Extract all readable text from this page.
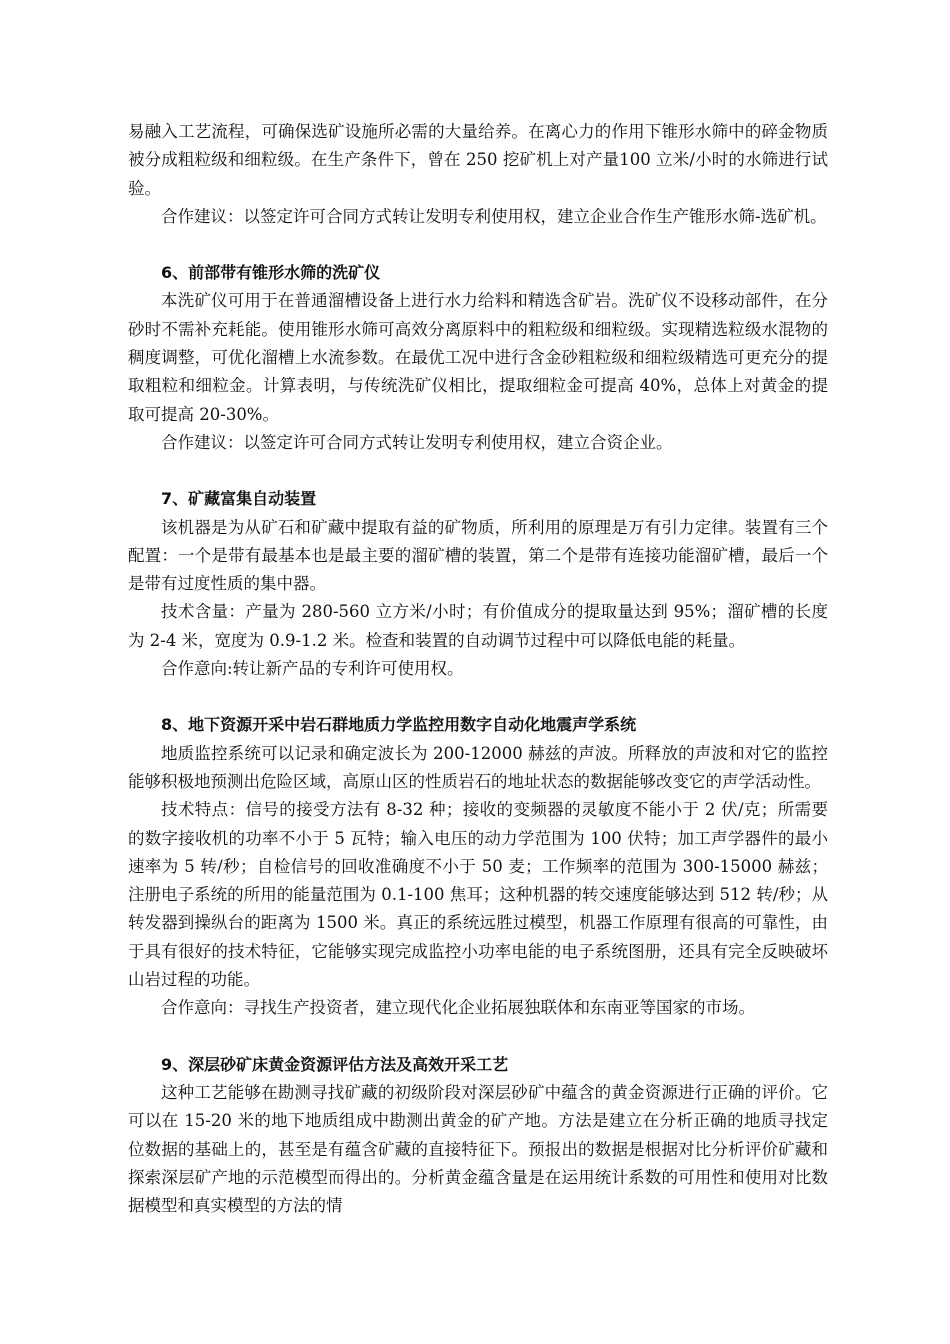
易融入工艺流程，可确保选矿设施所必需的大量给养。在离心力的作用下锥形水筛中的碎金物质被分成粗粒级和细粒级。在生产条件下，曾在 250 挖矿机上对产量100 立米/小时的水筛进行试验。

合作建议：以签定许可合同方式转让发明专利使用权，建立企业合作生产锥形水筛-选矿机。

6、前部带有锥形水筛的洗矿仪

本洗矿仪可用于在普通溜槽设备上进行水力给料和精选含矿岩。洗矿仪不设移动部件，在分砂时不需补充耗能。使用锥形水筛可高效分离原料中的粗粒级和细粒级。实现精选粒级水混物的稠度调整，可优化溜槽上水流参数。在最优工况中进行含金砂粗粒级和细粒级精选可更充分的提取粗粒和细粒金。计算表明，与传统洗矿仪相比，提取细粒金可提高 40%，总体上对黄金的提取可提高 20-30%。

合作建议：以签定许可合同方式转让发明专利使用权，建立合资企业。

7、矿藏富集自动装置

该机器是为从矿石和矿藏中提取有益的矿物质，所利用的原理是万有引力定律。装置有三个配置：一个是带有最基本也是最主要的溜矿槽的装置，第二个是带有连接功能溜矿槽，最后一个是带有过度性质的集中器。

技术含量：产量为 280-560 立方米/小时；有价值成分的提取量达到 95%；溜矿槽的长度为 2-4 米，宽度为 0.9-1.2 米。检查和装置的自动调节过程中可以降低电能的耗量。

合作意向:转让新产品的专利许可使用权。

8、地下资源开采中岩石群地质力学监控用数字自动化地震声学系统

地质监控系统可以记录和确定波长为 200-12000 赫兹的声波。所释放的声波和对它的监控能够积极地预测出危险区域，高原山区的性质岩石的地址状态的数据能够改变它的声学活动性。

技术特点：信号的接受方法有 8-32 种；接收的变频器的灵敏度不能小于 2 伏/克；所需要的数字接收机的功率不小于 5 瓦特；输入电压的动力学范围为 100 伏特；加工声学器件的最小速率为 5 转/秒；自检信号的回收准确度不小于 50 麦；工作频率的范围为 300-15000 赫兹；注册电子系统的所用的能量范围为 0.1-100 焦耳；这种机器的转交速度能够达到 512 转/秒；从转发器到操纵台的距离为 1500 米。真正的系统远胜过模型，机器工作原理有很高的可靠性，由于具有很好的技术特征，它能够实现完成监控小功率电能的电子系统图册，还具有完全反映破坏山岩过程的功能。

合作意向：寻找生产投资者，建立现代化企业拓展独联体和东南亚等国家的市场。

9、深层砂矿床黄金资源评估方法及高效开采工艺

这种工艺能够在勘测寻找矿藏的初级阶段对深层砂矿中蕴含的黄金资源进行正确的评价。它可以在 15-20 米的地下地质组成中勘测出黄金的矿产地。方法是建立在分析正确的地质寻找定位数据的基础上的，甚至是有蕴含矿藏的直接特征下。预报出的数据是根据对比分析评价矿藏和探索深层矿产地的示范模型而得出的。分析黄金蕴含量是在运用统计系数的可用性和使用对比数据模型和真实模型的方法的情
